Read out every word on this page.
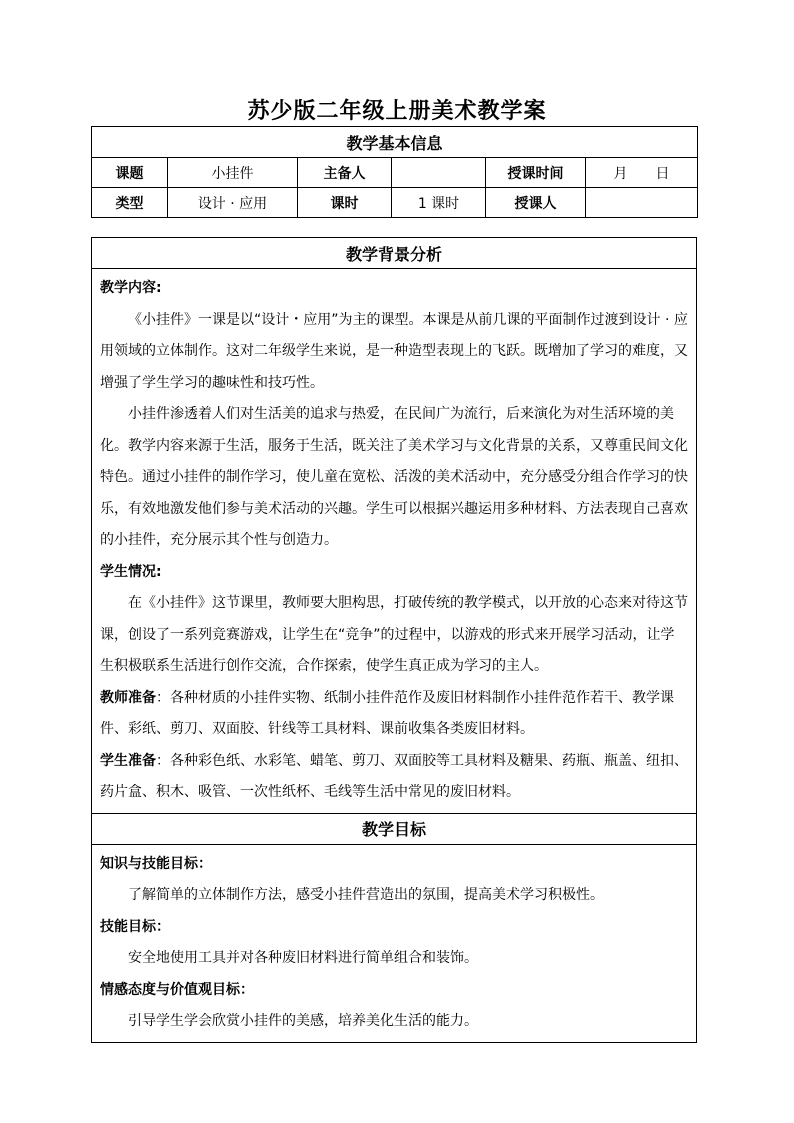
苏少版二年级上册美术教学案
教学基本信息					
课题	小挂件	主备人		授课时间	月　　日
类型	设计 · 应用	课时	1 课时	授课人	
教学背景分析

教学内容:

《小挂件》一课是以“设计・应用”为主的课型。本课是从前几课的平面制作过渡到设计 · 应用领域的立体制作。这对二年级学生来说，是一种造型表现上的飞跃。既增加了学习的难度，又增强了学生学习的趣味性和技巧性。

小挂件渗透着人们对生活美的追求与热爱，在民间广为流行，后来演化为对生活环境的美化。教学内容来源于生活，服务于生活，既关注了美术学习与文化背景的关系，又尊重民间文化特色。通过小挂件的制作学习，使儿童在宽松、活泼的美术活动中，充分感受分组合作学习的快乐，有效地激发他们参与美术活动的兴趣。学生可以根据兴趣运用多种材料、方法表现自己喜欢的小挂件，充分展示其个性与创造力。

学生情况:

在《小挂件》这节课里，教师要大胆构思，打破传统的教学模式，以开放的心态来对待这节课，创设了一系列竞赛游戏，让学生在“竞争”的过程中，以游戏的形式来开展学习活动，让学生积极联系生活进行创作交流，合作探索，使学生真正成为学习的主人。

教师准备：各种材质的小挂件实物、纸制小挂件范作及废旧材料制作小挂件范作若干、教学课件、彩纸、剪刀、双面胶、针线等工具材料、课前收集各类废旧材料。

学生准备：各种彩色纸、水彩笔、蜡笔、剪刀、双面胶等工具材料及糖果、药瓶、瓶盖、纽扣、药片盒、积木、吸管、一次性纸杯、毛线等生活中常见的废旧材料。

教学目标

知识与技能目标：

了解简单的立体制作方法，感受小挂件营造出的氛围，提高美术学习积极性。

技能目标：

安全地使用工具并对各种废旧材料进行简单组合和装饰。

情感态度与价值观目标：

引导学生学会欣赏小挂件的美感，培养美化生活的能力。
